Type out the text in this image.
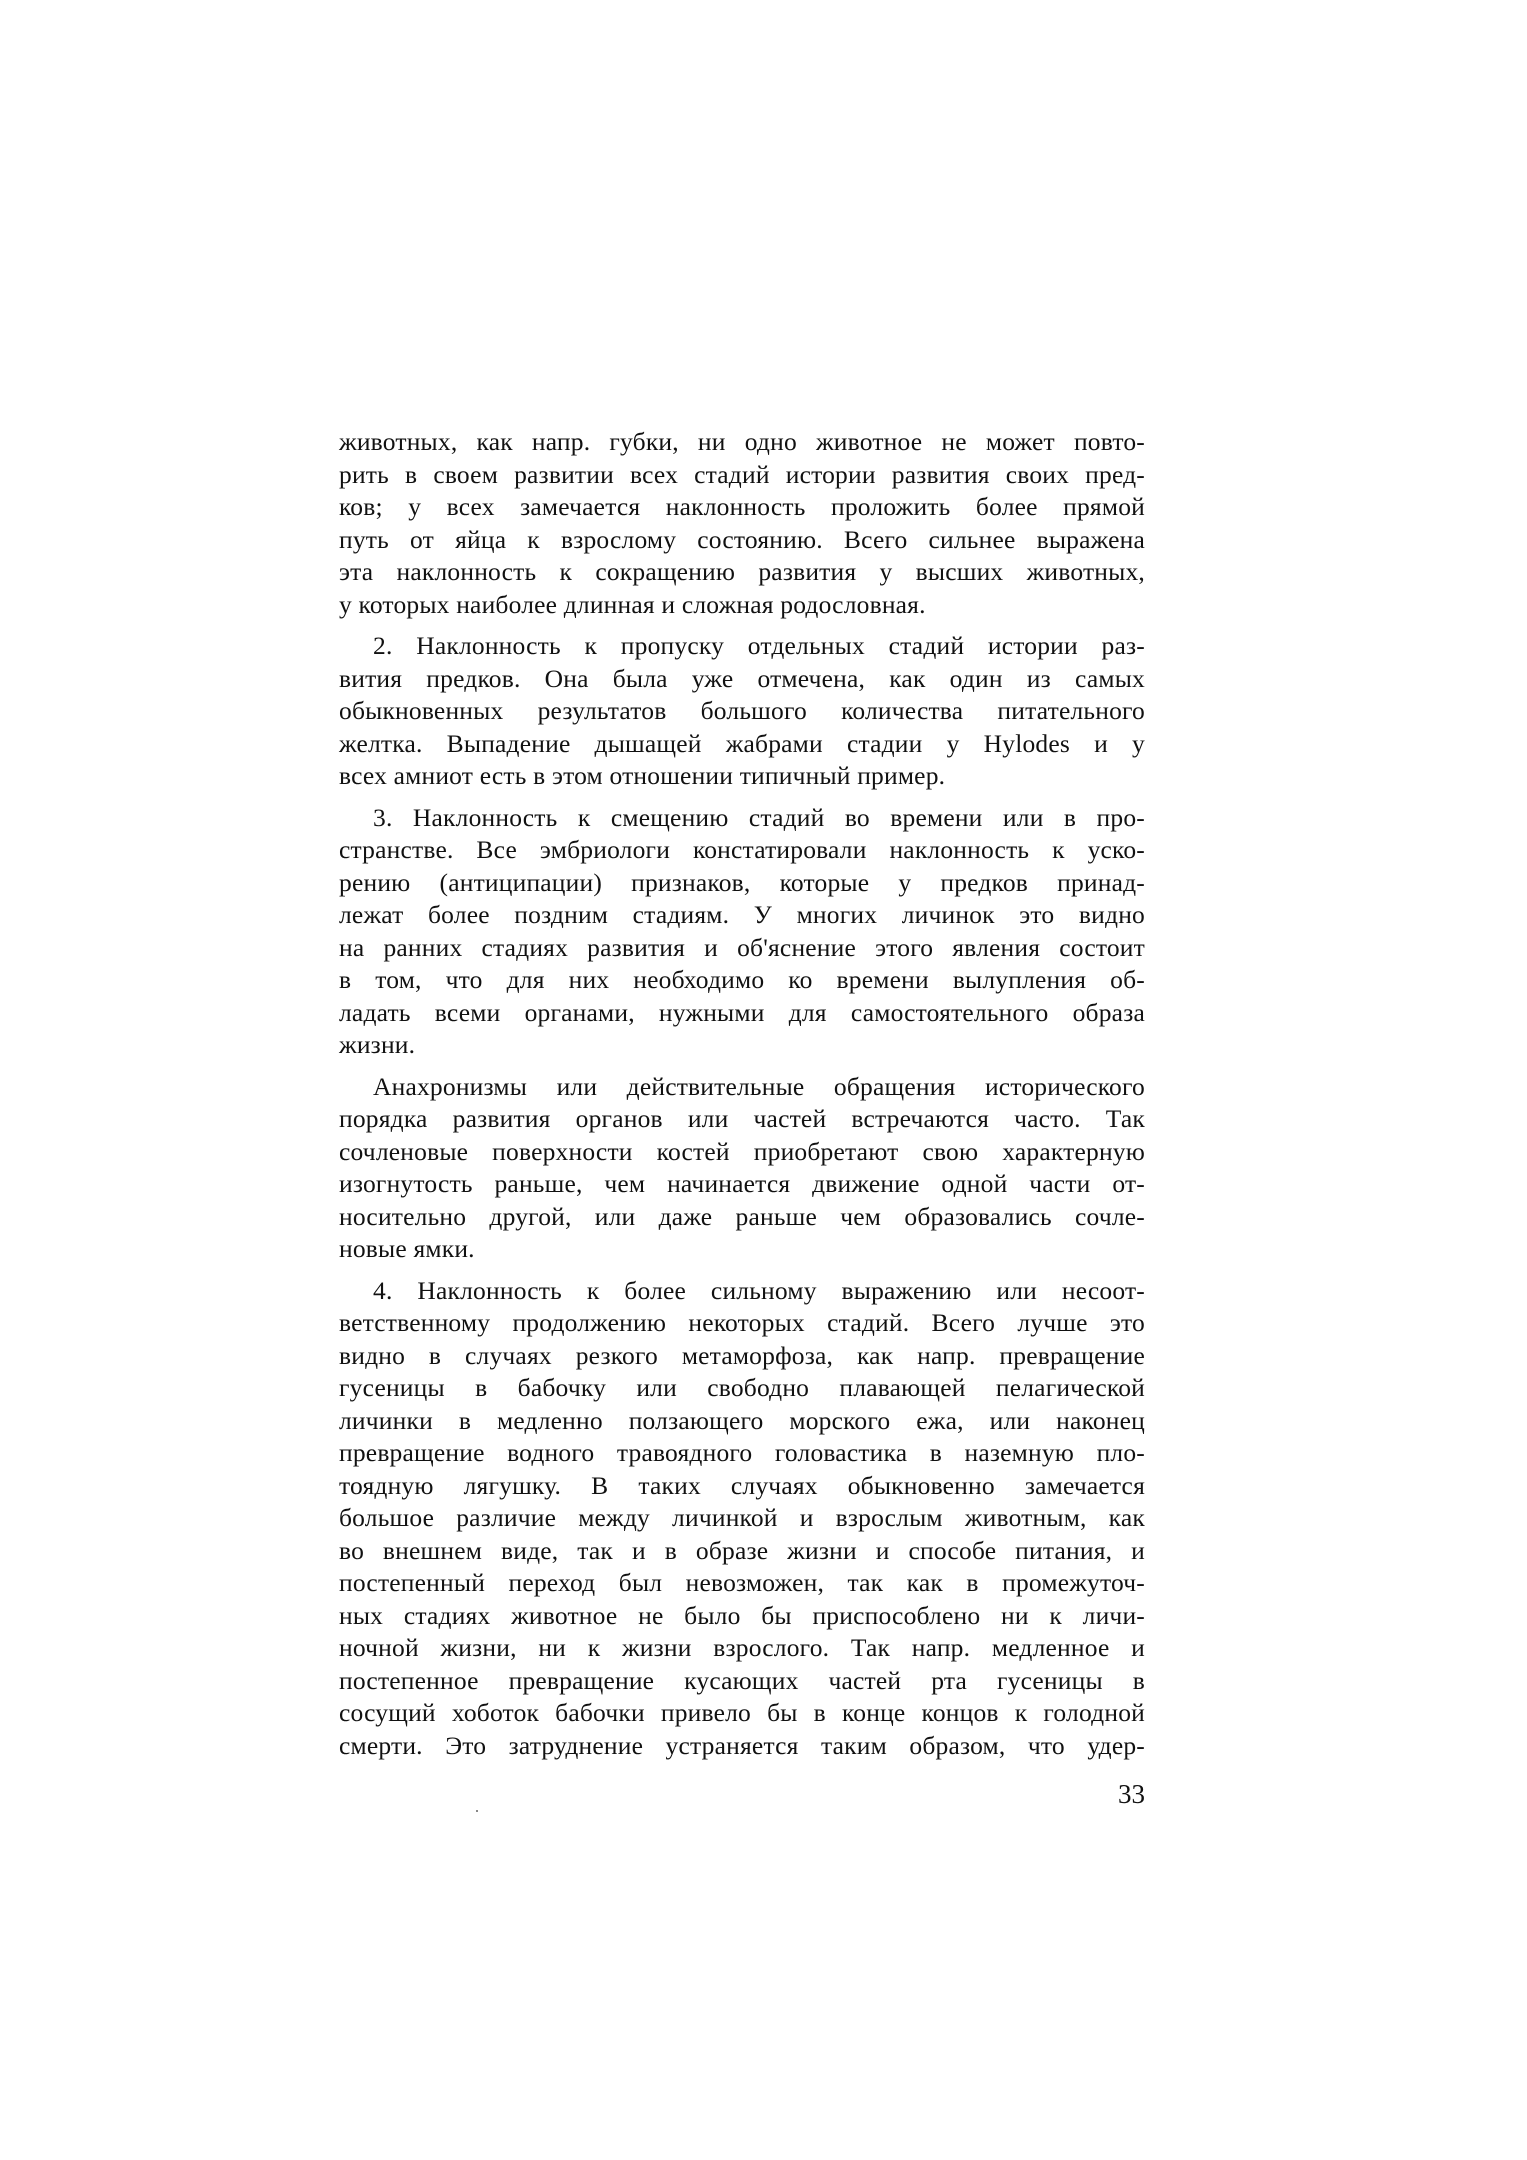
животных, как напр. губки, ни одно животное не может повто-
рить в своем развитии всех стадий истории развития своих пред-
ков; у всех замечается наклонность проложить более прямой
путь от яйца к взрослому состоянию. Всего сильнее выражена
эта наклонность к сокращению развития у высших животных,
у которых наиболее длинная и сложная родословная.
2. Наклонность к пропуску отдельных стадий истории раз-
вития предков. Она была уже отмечена, как один из самых
обыкновенных результатов большого количества питательного
желтка. Выпадение дышащей жабрами стадии у Hylodes и у
всех амниот есть в этом отношении типичный пример.
3. Наклонность к смещению стадий во времени или в про-
странстве. Все эмбриологи констатировали наклонность к уско-
рению (антиципации) признаков, которые у предков принад-
лежат более поздним стадиям. У многих личинок это видно
на ранних стадиях развития и об'яснение этого явления состоит
в том, что для них необходимо ко времени вылупления об-
ладать всеми органами, нужными для самостоятельного образа
жизни.
Анахронизмы или действительные обращения исторического
порядка развития органов или частей встречаются часто. Так
сочленовые поверхности костей приобретают свою характерную
изогнутость раньше, чем начинается движение одной части от-
носительно другой, или даже раньше чем образовались сочле-
новые ямки.
4. Наклонность к более сильному выражению или несоот-
ветственному продолжению некоторых стадий. Всего лучше это
видно в случаях резкого метаморфоза, как напр. превращение
гусеницы в бабочку или свободно плавающей пелагической
личинки в медленно ползающего морского ежа, или наконец
превращение водного травоядного головастика в наземную пло-
тоядную лягушку. В таких случаях обыкновенно замечается
большое различие между личинкой и взрослым животным, как
во внешнем виде, так и в образе жизни и способе питания, и
постепенный переход был невозможен, так как в промежуточ-
ных стадиях животное не было бы приспособлено ни к личи-
ночной жизни, ни к жизни взрослого. Так напр. медленное и
постепенное превращение кусающих частей рта гусеницы в
сосущий хоботок бабочки привело бы в конце концов к голодной
смерти. Это затруднение устраняется таким образом, что удер-
33
